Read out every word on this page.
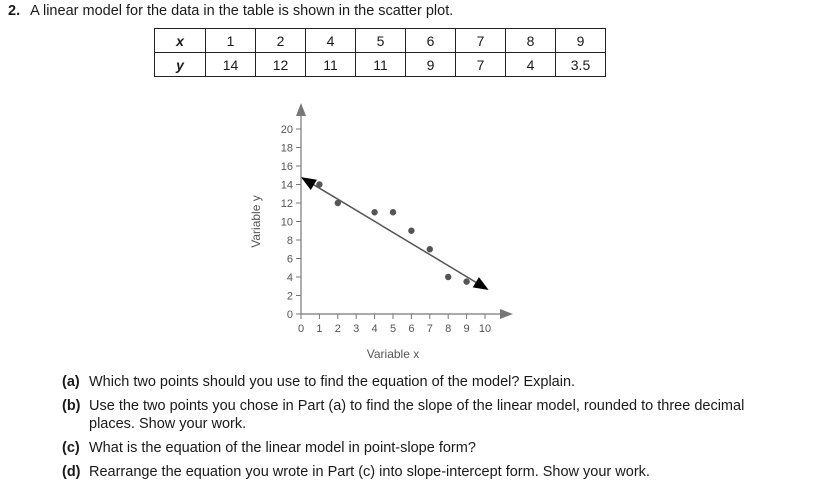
2. A linear model for the data in the table is shown in the scatter plot.
x	1	2	4	5	6	7	8	9
y	14	12	11	11	9	7	4	3.5
0 1 2 3 4 5 6 7 8 9 10
0
2
4
6
8
10
12
14
16
18
20
Variable x
Variable y
(a) Which two points should you use to find the equation of the model? Explain.
(b) Use the two points you chose in Part (a) to find the slope of the linear model, rounded to three decimal places. Show your work.
(c) What is the equation of the linear model in point-slope form?
(d) Rearrange the equation you wrote in Part (c) into slope-intercept form. Show your work.
